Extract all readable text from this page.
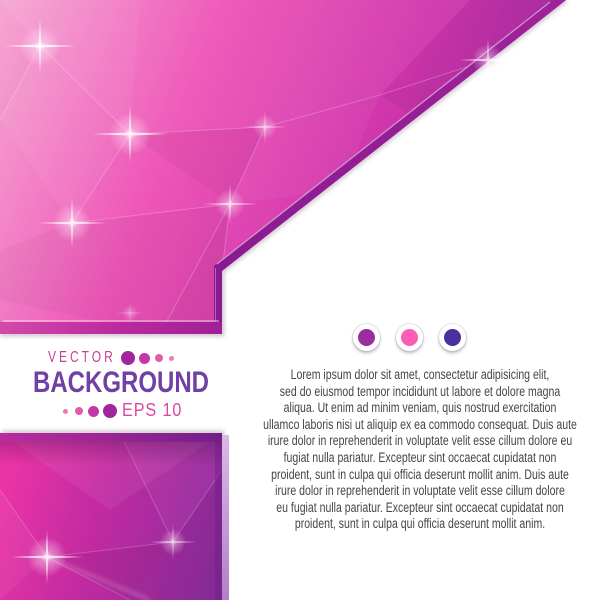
VECTOR
BACKGROUND
EPS 10
Lorem ipsum dolor sit amet, consectetur adipisicing elit,
sed do eiusmod tempor incididunt ut labore et dolore magna
aliqua. Ut enim ad minim veniam, quis nostrud exercitation
ullamco laboris nisi ut aliquip ex ea commodo consequat. Duis aute
irure dolor in reprehenderit in voluptate velit esse cillum dolore eu
fugiat nulla pariatur. Excepteur sint occaecat cupidatat non
proident, sunt in culpa qui officia deserunt mollit anim. Duis aute
irure dolor in reprehenderit in voluptate velit esse cillum dolore
eu fugiat nulla pariatur. Excepteur sint occaecat cupidatat non
proident, sunt in culpa qui officia deserunt mollit anim.
